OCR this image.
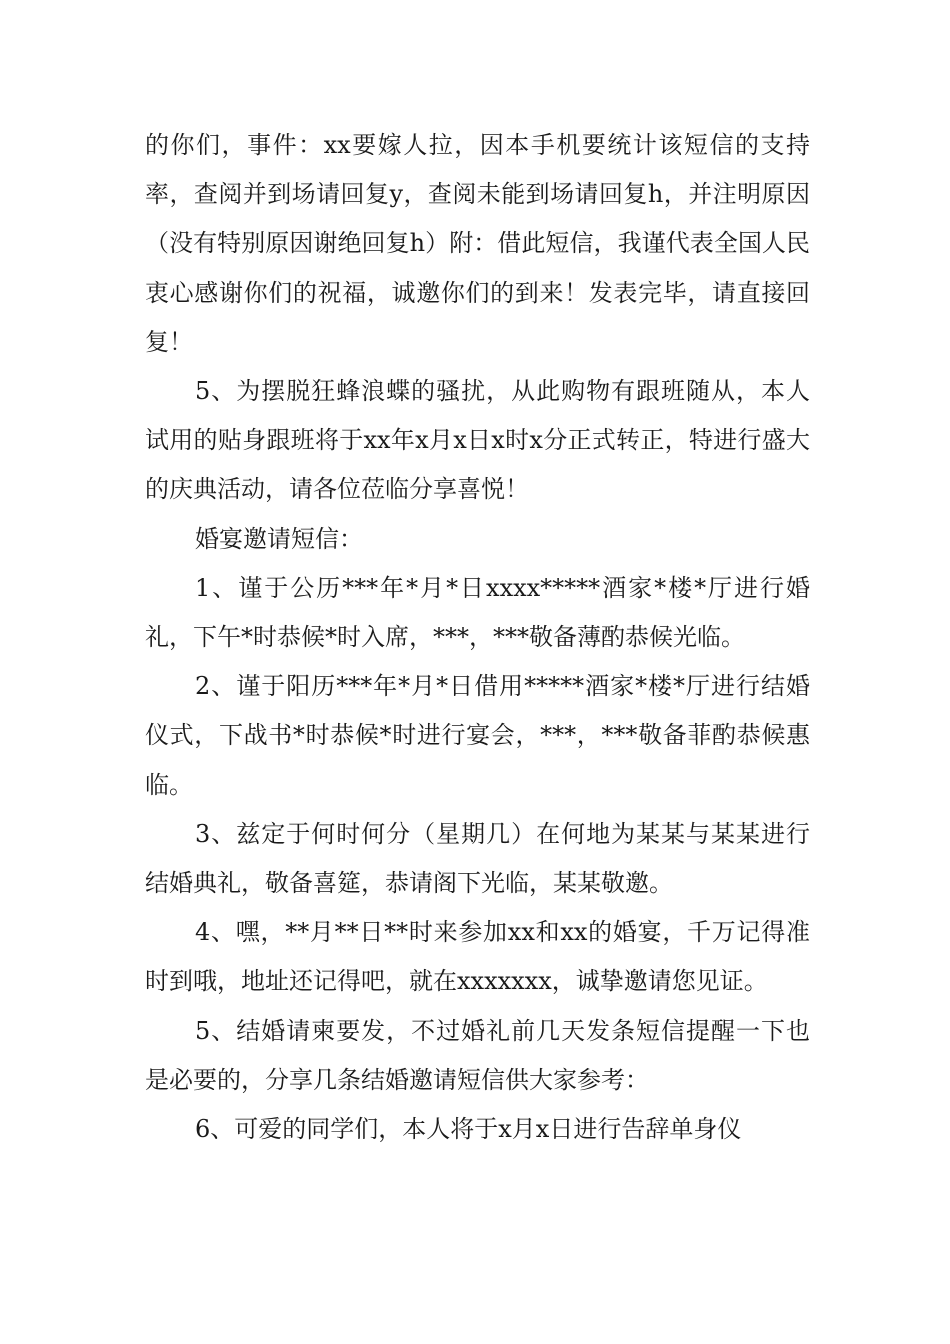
的你们，事件：xx要嫁人拉，因本手机要统计该短信的支持率，查阅并到场请回复y，查阅未能到场请回复h，并注明原因（没有特别原因谢绝回复h）附：借此短信，我谨代表全国人民衷心感谢你们的祝福，诚邀你们的到来！发表完毕，请直接回复！

5、为摆脱狂蜂浪蝶的骚扰，从此购物有跟班随从，本人试用的贴身跟班将于xx年x月x日x时x分正式转正，特进行盛大的庆典活动，请各位莅临分享喜悦！

婚宴邀请短信：

1、谨于公历***年*月*日xxxx*****酒家*楼*厅进行婚礼，下午*时恭候*时入席，***，***敬备薄酌恭候光临。

2、谨于阳历***年*月*日借用*****酒家*楼*厅进行结婚仪式，下战书*时恭候*时进行宴会，***，***敬备菲酌恭候惠临。

3、兹定于何时何分（星期几）在何地为某某与某某进行结婚典礼，敬备喜筵，恭请阁下光临，某某敬邀。

4、嘿，**月**日**时来参加xx和xx的婚宴，千万记得准时到哦，地址还记得吧，就在xxxxxxx，诚挚邀请您见证。

5、结婚请柬要发，不过婚礼前几天发条短信提醒一下也是必要的，分享几条结婚邀请短信供大家参考：

6、可爱的同学们，本人将于x月x日进行告辞单身仪
